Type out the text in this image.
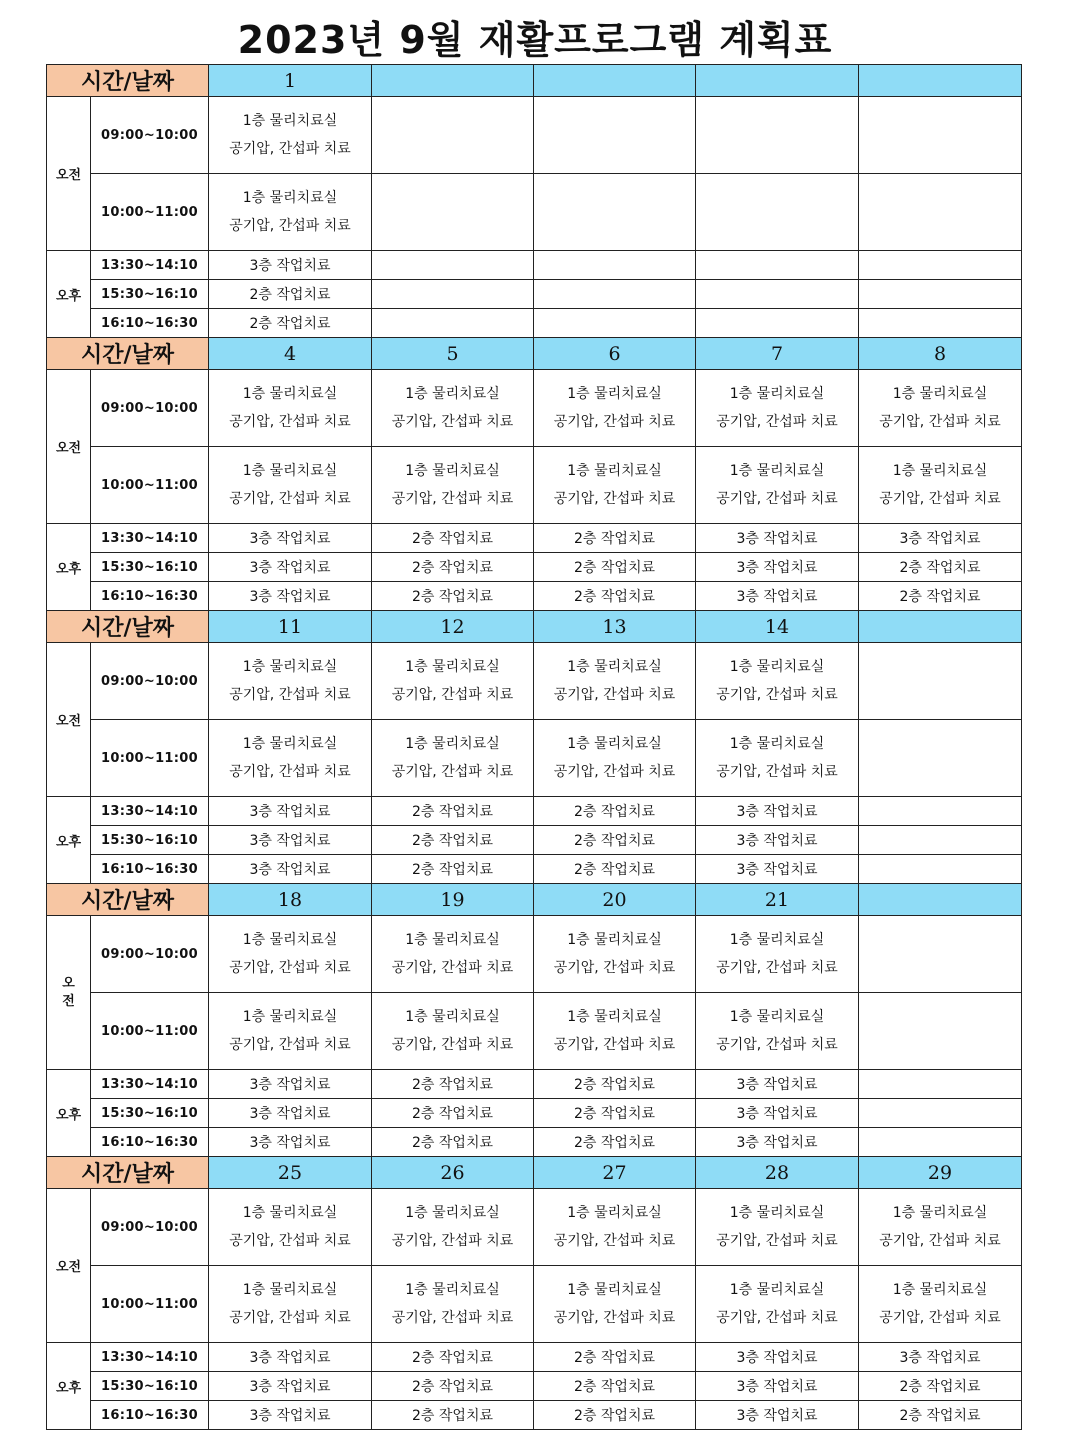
2023년 9월 재활프로그램 계획표
시간/날짜		1				
오전	09:00~10:00	1층 물리치료실
공기압, 간섭파 치료				

	10:00~11:00	1층 물리치료실
공기압, 간섭파 치료				

오후	13:30~14:10	3층 작업치료				
	15:30~16:10	2층 작업치료				
	16:10~16:30	2층 작업치료				
시간/날짜		4	5	6	7	8
오전	09:00~10:00	1층 물리치료실
공기압, 간섭파 치료	1층 물리치료실
공기압, 간섭파 치료	1층 물리치료실
공기압, 간섭파 치료	1층 물리치료실
공기압, 간섭파 치료	1층 물리치료실
공기압, 간섭파 치료

	10:00~11:00	1층 물리치료실
공기압, 간섭파 치료	1층 물리치료실
공기압, 간섭파 치료	1층 물리치료실
공기압, 간섭파 치료	1층 물리치료실
공기압, 간섭파 치료	1층 물리치료실
공기압, 간섭파 치료

오후	13:30~14:10	3층 작업치료	2층 작업치료	2층 작업치료	3층 작업치료	3층 작업치료
	15:30~16:10	3층 작업치료	2층 작업치료	2층 작업치료	3층 작업치료	2층 작업치료
	16:10~16:30	3층 작업치료	2층 작업치료	2층 작업치료	3층 작업치료	2층 작업치료
시간/날짜		11	12	13	14	
오전	09:00~10:00	1층 물리치료실
공기압, 간섭파 치료	1층 물리치료실
공기압, 간섭파 치료	1층 물리치료실
공기압, 간섭파 치료	1층 물리치료실
공기압, 간섭파 치료	

	10:00~11:00	1층 물리치료실
공기압, 간섭파 치료	1층 물리치료실
공기압, 간섭파 치료	1층 물리치료실
공기압, 간섭파 치료	1층 물리치료실
공기압, 간섭파 치료	

오후	13:30~14:10	3층 작업치료	2층 작업치료	2층 작업치료	3층 작업치료	
	15:30~16:10	3층 작업치료	2층 작업치료	2층 작업치료	3층 작업치료	
	16:10~16:30	3층 작업치료	2층 작업치료	2층 작업치료	3층 작업치료	
시간/날짜		18	19	20	21	

오
전	09:00~10:00	1층 물리치료실
공기압, 간섭파 치료	1층 물리치료실
공기압, 간섭파 치료	1층 물리치료실
공기압, 간섭파 치료	1층 물리치료실
공기압, 간섭파 치료	

	10:00~11:00	1층 물리치료실
공기압, 간섭파 치료	1층 물리치료실
공기압, 간섭파 치료	1층 물리치료실
공기압, 간섭파 치료	1층 물리치료실
공기압, 간섭파 치료	

오후	13:30~14:10	3층 작업치료	2층 작업치료	2층 작업치료	3층 작업치료	
	15:30~16:10	3층 작업치료	2층 작업치료	2층 작업치료	3층 작업치료	
	16:10~16:30	3층 작업치료	2층 작업치료	2층 작업치료	3층 작업치료	
시간/날짜		25	26	27	28	29
오전	09:00~10:00	1층 물리치료실
공기압, 간섭파 치료	1층 물리치료실
공기압, 간섭파 치료	1층 물리치료실
공기압, 간섭파 치료	1층 물리치료실
공기압, 간섭파 치료	1층 물리치료실
공기압, 간섭파 치료

	10:00~11:00	1층 물리치료실
공기압, 간섭파 치료	1층 물리치료실
공기압, 간섭파 치료	1층 물리치료실
공기압, 간섭파 치료	1층 물리치료실
공기압, 간섭파 치료	1층 물리치료실
공기압, 간섭파 치료

오후	13:30~14:10	3층 작업치료	2층 작업치료	2층 작업치료	3층 작업치료	3층 작업치료
	15:30~16:10	3층 작업치료	2층 작업치료	2층 작업치료	3층 작업치료	2층 작업치료
	16:10~16:30	3층 작업치료	2층 작업치료	2층 작업치료	3층 작업치료	2층 작업치료
